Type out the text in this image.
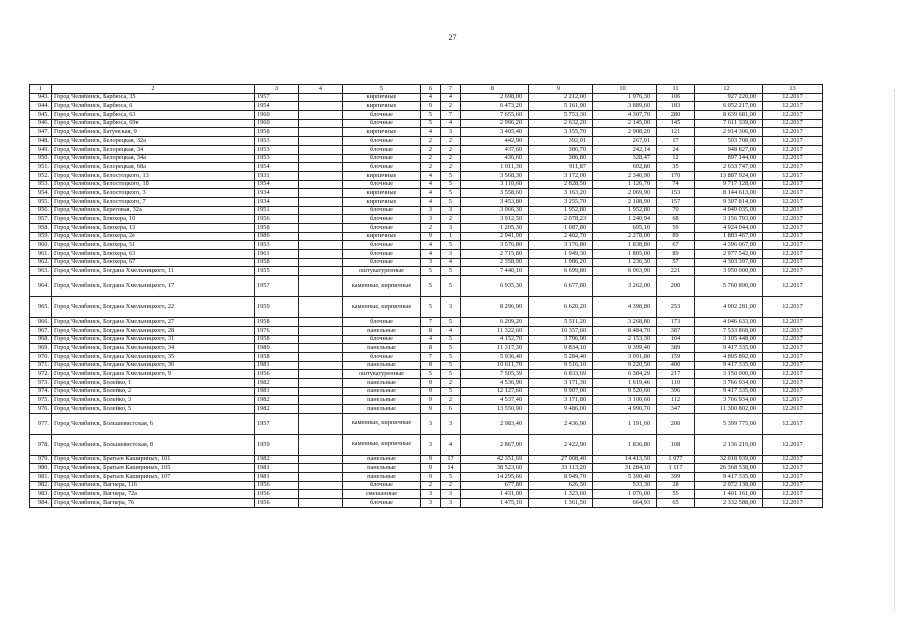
27
1	2	3	4	5	6	7	8	9	10	11	12	13
943.	Город Челябинск, Барбюса, 35	1957		кирпичные	4	4	2 698,00	2 212,00	1 976,30	106	927 220,00	12.2017
944.	Город Челябинск, Барбюса, 6	1954		кирпичные	9	2	6 473,20	5 161,90	3 889,60	183	6 052 217,00	12.2017
945.	Город Челябинск, Барбюса, 63	1960		блочные	5	7	7 655,60	5 753,30	4 307,70	280	8 639 681,00	12.2017
946.	Город Челябинск, Барбюса, 69в	1960		блочные	5	4	2 996,20	2 632,20	2 145,00	145	7 611 339,00	12.2017
947.	Город Челябинск, Батумская, 9	1958		кирпичные	4	3	3 405,40	3 155,70	2 908,20	121	2 914 306,00	12.2017
948.	Город Челябинск, Белорецкая, 32а	1953		блочные	2	2	442,90	392,01	267,01	17	503 708,00	12.2017
949.	Город Челябинск, Белорецкая, 34	1953		блочные	2	2	437,60	386,70	242,14	24	948 827,00	12.2017
950.	Город Челябинск, Белорецкая, 34а	1953		блочные	2	2	436,60	386,80	328,47	12	897 144,00	12.2017
951.	Город Челябинск, Белорецкая, 68а	1954		блочные	2	2	1 011,30	911,87	602,80	35	2 633 747,00	12.2017
952.	Город Челябинск, Белостоцкого, 13	1931		кирпичные	4	5	3 568,30	3 172,00	2 340,90	170	13 887 924,00	12.2017
953.	Город Челябинск, Белостоцкого, 18	1954		блочные	4	5	3 110,60	2 828,50	1 126,70	74	9 717 128,00	12.2017
954.	Город Челябинск, Белостоцкого, 3	1934		кирпичные	4	5	3 558,60	3 163,20	2 069,90	153	8 144 613,00	12.2017
955.	Город Челябинск, Белостоцкого, 7	1934		кирпичные	4	5	3 453,80	3 255,70	2 108,90	157	9 307 814,00	12.2017
956.	Город Челябинск, Береговая, 32а	1951		блочные	3	3	3 066,30	1 952,80	1 952,80	70	4 049 035,00	12.2017
957.	Город Челябинск, Блюхера, 10	1956		блочные	3	2	3 912,50	2 078,23	1 240,94	68	3 156 793,00	12.2017
958.	Город Челябинск, Блюхера, 13	1958		блочные	2	3	1 205,30	1 087,80	695,10	59	4 924 044,00	12.2017
959.	Город Челябинск, Блюхера, 2е	1986		кирпичные	9	1	2 941,90	2 402,70	2 278,00	89	1 883 467,00	12.2017
960.	Город Челябинск, Блюхера, 51	1953		блочные	4	5	3 576,80	3 176,80	1 838,80	67	4 396 067,00	12.2017
961.	Город Челябинск, Блюхера, 63	1961		блочные	4	3	2 715,80	1 949,30	1 805,00	89	2 977 542,00	12.2017
962.	Город Челябинск, Блюхера, 67	1958		блочные	3	4	2 358,90	1 986,20	1 236,30	57	4 303 397,00	12.2017
963.	Город Челябинск, Богдана Хмельницкого, 11	1955		оштукатуренные	5	5	7 440,10	6 699,80	6 063,90	221	3 950 000,00	12.2017
964.	Город Челябинск, Богдана Хмельницкого, 17	1957		каменные, кирпичные	5	5	6 935,30	6 677,80	3 262,00	200	5 760 890,00	12.2017
965.	Город Челябинск, Богдана Хмельницкого, 22	1959		каменные, кирпичные	5	3	8 296,90	6 620,20	4 398,80	253	4 002 281,00	12.2017
966.	Город Челябинск, Богдана Хмельницкого, 27	1958		блочные	7	5	6 209,20	5 511,20	3 268,80	173	4 046 633,00	12.2017
967.	Город Челябинск, Богдана Хмельницкого, 28	1976		панельные	8	4	11 322,60	10 357,60	8 484,70	387	7 533 868,00	12.2017
968.	Город Челябинск, Богдана Хмельницкого, 31	1958		блочные	4	5	4 152,70	3 796,90	2 153,30	104	3 105 448,00	12.2017
969.	Город Челябинск, Богдана Хмельницкого, 34	1980		панельные	8	5	11 317,30	9 834,10	9 399,40	389	9 417 335,00	12.2017
970.	Город Челябинск, Богдана Хмельницкого, 35	1958		блочные	7	5	5 936,40	5 284,40	3 091,80	159	4 895 892,00	12.2017
971.	Город Челябинск, Богдана Хмельницкого, 36	1981		панельные	8	5	10 611,70	9 516,10	9 220,50	400	9 417 335,00	12.2017
972.	Город Челябинск, Богдана Хмельницкого, 9	1956		оштукатуренные	5	5	7 505,39	6 833,69	6 384,29	217	3 150 000,00	12.2017
973.	Город Челябинск, Болейко, 1	1982		панельные	9	2	4 536,90	3 171,30	1 619,46	110	3 766 934,00	12.2017
974.	Город Челябинск, Болейко, 2	1981		панельные	9	5	12 127,60	9 907,00	9 520,60	396	9 417 335,00	12.2017
975.	Город Челябинск, Болейко, 3	1982		панельные	9	2	4 537,40	3 171,80	3 100,60	112	3 766 934,00	12.2017
976.	Город Челябинск, Болейко, 5	1982		панельные	9	6	13 550,90	9 486,00	4 990,70	347	11 300 802,00	12.2017
977.	Город Челябинск, Большевистская, 6	1957		каменные, кирпичные	3	3	2 983,40	2 436,90	1 191,60	200	5 399 775,00	12.2017
978.	Город Челябинск, Большевистская, 8	1959		каменные, кирпичные	3	4	2 867,00	2 422,90	1 836,80	108	2 136 219,00	12.2017
979.	Город Челябинск, Братьев Кашириных, 101	1982		панельные	9	17	42 351,69	27 008,40	14 413,50	1 077	32 018 939,00	12.2017
980.	Город Челябинск, Братьев Кашириных, 105	1981		панельные	9	14	38 523,60	33 113,20	31 284,10	1 117	26 368 538,00	12.2017
981.	Город Челябинск, Братьев Кашириных, 107	1981		панельные	9	5	14 295,66	8 949,70	5 390,40	399	9 417 335,00	12.2017
982.	Город Челябинск, Вагнера, 116	1956		блочные	2	2	677,80	626,50	533,30	28	2 972 138,00	12.2017
983.	Город Челябинск, Вагнера, 72а	1956		смешанные	3	3	1 431,00	1 323,60	1 076,00	55	1 401 161,00	12.2017
984.	Город Челябинск, Вагнера, 76	1956		блочные	3	3	1 475,10	1 361,50	664,93	65	2 332 588,00	12.2017
